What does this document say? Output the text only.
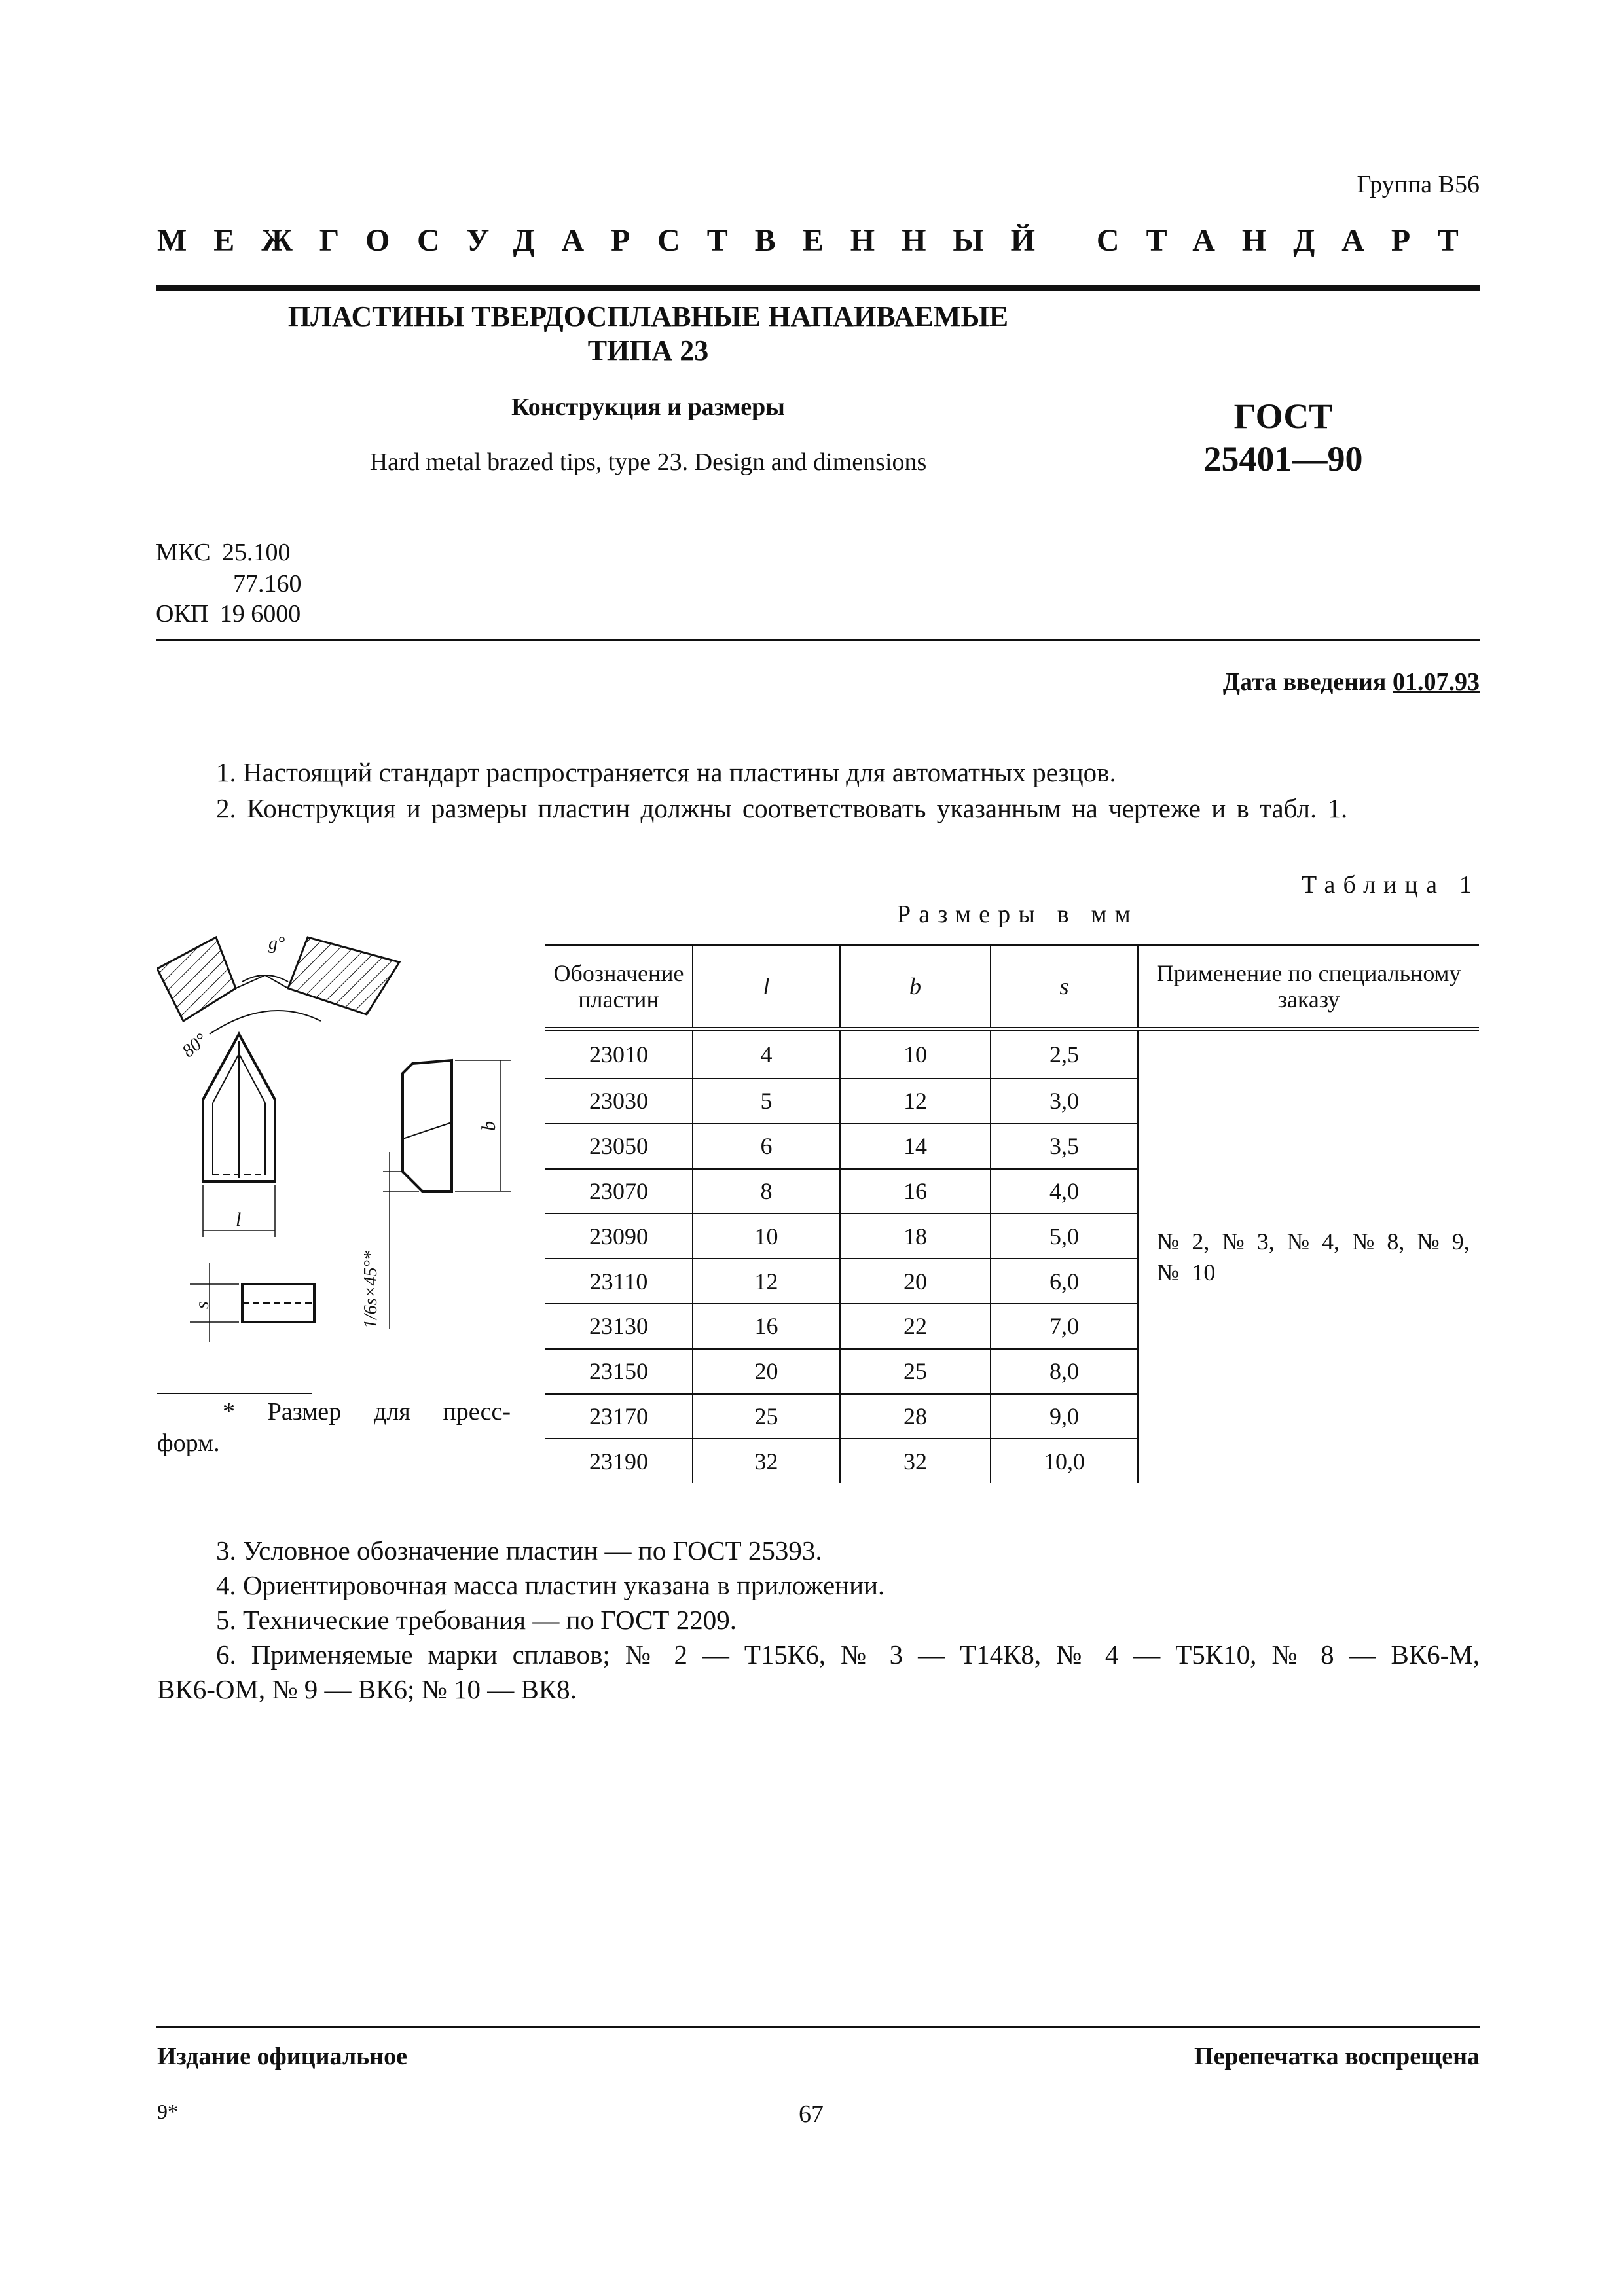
Группа В56
МЕЖГОСУДАРСТВЕННЫЙ СТАНДАРТ
ПЛАСТИНЫ ТВЕРДОСПЛАВНЫЕ НАПАИВАЕМЫЕ
ТИПА 23
Конструкция и размеры
Hard metal brazed tips, type 23. Design and dimensions
ГОСТ
25401—90
МКС 25.100
77.160
ОКП 19 6000
Дата введения 01.07.93
1. Настоящий стандарт распространяется на пластины для автоматных резцов.
2. Конструкция и размеры пластин должны соответствовать указанным на чертеже и в табл. 1.
Таблица 1
Размеры в мм
g°
80°
l
s
b
1/6s×45°*
Обозначение пластин	l	b	s	Применение по специальному заказу
23010	4	10	2,5	№ 2, № 3, № 4, № 8, № 9, № 10
23030	5	12	3,0	
23050	6	14	3,5	
23070	8	16	4,0	
23090	10	18	5,0	
23110	12	20	6,0	
23130	16	22	7,0	
23150	20	25	8,0	
23170	25	28	9,0	
23190	32	32	10,0	
* Размер для пресс-
форм.
3. Условное обозначение пластин — по ГОСТ 25393.
4. Ориентировочная масса пластин указана в приложении.
5. Технические требования — по ГОСТ 2209.
6. Применяемые марки сплавов; № 2 — Т15К6, № 3 — Т14К8, № 4 — Т5К10, № 8 — ВК6-М,
ВК6-ОМ, № 9 — ВК6; № 10 — ВК8.
Издание официальное	Перепечатка воспрещена
9*	67
